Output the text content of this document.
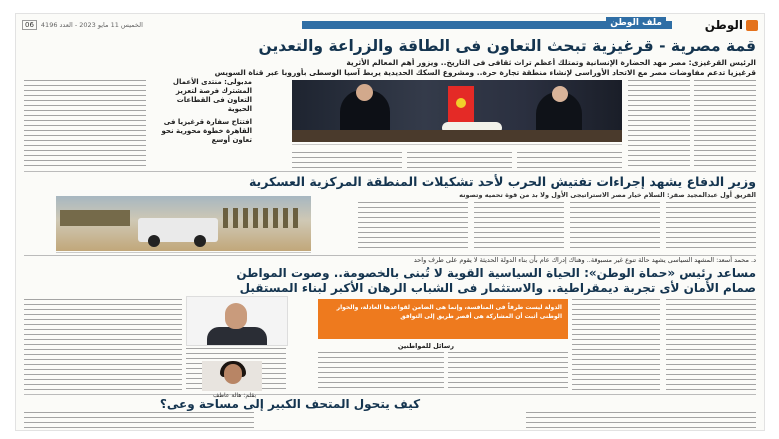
الوطن
06	الخميس 11 مايو 2023 - العدد 4196	ملف الوطن
قمة مصرية - قرغيزية تبحث التعاون فى الطاقة والزراعة والتعدين
الرئيس القرغيزى: مصر مهد الحضارة الإنسانية وتمتلك أعظم تراث ثقافى فى التاريخ.. ويزور أهم المعالم الأثرية
قرغيزيا تدعم مفاوضات مصر مع الاتحاد الأوراسى لإنشاء منطقة تجارة حرة.. ومشروع السكك الحديدية يربط آسيا الوسطى بأوروبا عبر قناة السويس
مدبولى: منتدى الأعمال المشترك فرصة لتعزيز التعاون فى القطاعات الحيوية
افتتاح سفارة قرغيزيا فى القاهرة خطوة محورية نحو تعاون أوسع
وزير الدفاع يشهد إجراءات تفتيش الحرب لأحد تشكيلات المنطقة المركزية العسكرية
الفريق أول عبدالمجيد صقر: السلام خيار مصر الاستراتيجى الأول ولا بد من قوة تحميه وتصونه
د. محمد أسعد: المشهد السياسى يشهد حالة تنوع غير مسبوقة.. وهناك إدراك عام بأن بناء الدولة الحديثة لا يقوم على طرف واحد
مساعد رئيس «حماة الوطن»: الحياة السياسية القوية لا تُبنى بالخصومة.. وصوت المواطن
صمام الأمان لأى تجربة ديمقراطية.. والاستثمار فى الشباب الرهان الأكبر لبناء المستقبل
الدولة ليست طرفاً فى المنافسة، وإنما هى الضامن لقواعدها العادلة، والحوار الوطنى أثبت أن المشاركة هى أقصر طريق إلى التوافق
رسائل للمواطنين
بقلم: هالة عاطف
كيف يتحول المتحف الكبير إلى مساحة وعى؟
